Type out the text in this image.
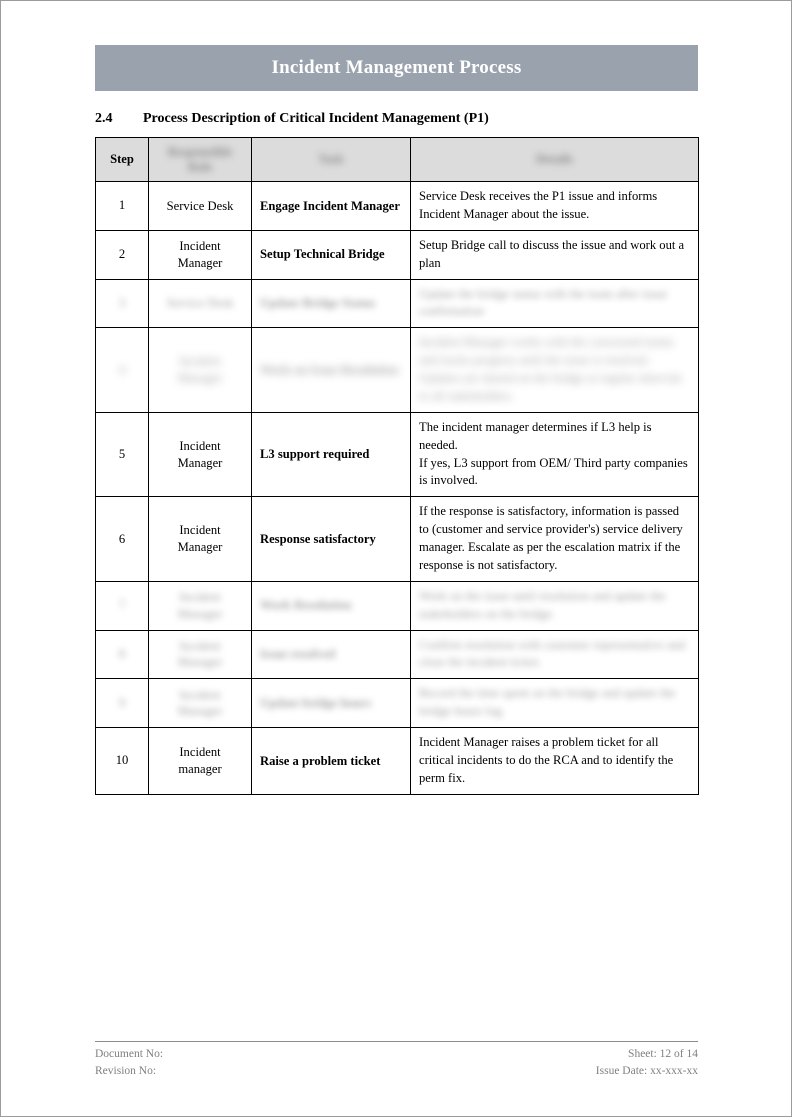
Incident Management Process
2.4	Process Description of Critical Incident Management (P1)
Step	Responsible Role	Task	Details
1	Service Desk	Engage Incident Manager	Service Desk receives the P1 issue and informs Incident Manager about the issue.
2	Incident Manager	Setup Technical Bridge	Setup Bridge call to discuss the issue and work out a plan
3	Service Desk	Update Bridge Status	Update the bridge status with the team after issue confirmation
4	Incident Manager	Work on Issue Resolution	Incident Manager works with the concerned teams and tracks progress until the issue is resolved. Updates are shared on the bridge at regular intervals to all stakeholders.
5	Incident Manager	L3 support required	The incident manager determines if L3 help is needed.
If yes, L3 support from OEM/ Third party companies is involved.
6	Incident Manager	Response satisfactory	If the response is satisfactory, information is passed to (customer and service provider's) service delivery manager. Escalate as per the escalation matrix if the response is not satisfactory.
7	Incident Manager	Work Resolution	Work on the issue until resolution and update the stakeholders on the bridge.
8	Incident Manager	Issue resolved	Confirm resolution with customer representative and close the incident ticket.
9	Incident Manager	Update bridge hours	Record the time spent on the bridge and update the bridge hours log.
10	Incident manager	Raise a problem ticket	Incident Manager raises a problem ticket for all critical incidents to do the RCA and to identify the perm fix.
Document No:
Revision No:
Sheet: 12 of 14
Issue Date: xx-xxx-xx
